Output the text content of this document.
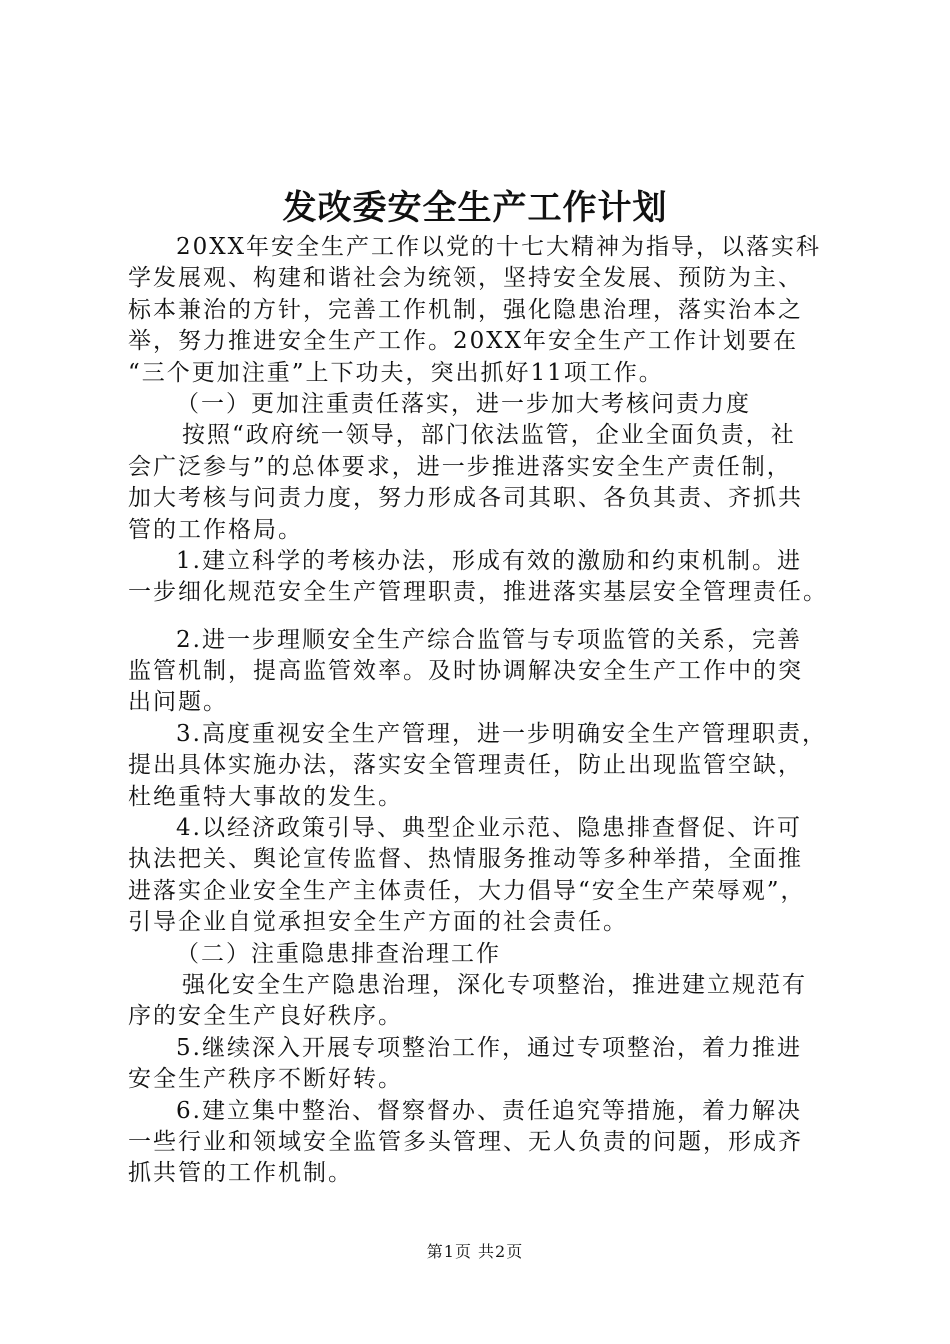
发改委安全生产工作计划
20XX年安全生产工作以党的十七大精神为指导，以落实科
学发展观、构建和谐社会为统领，坚持安全发展、预防为主、
标本兼治的方针，完善工作机制，强化隐患治理，落实治本之
举，努力推进安全生产工作。20XX年安全生产工作计划要在
“三个更加注重”上下功夫，突出抓好11项工作。
（一）更加注重责任落实，进一步加大考核问责力度
按照“政府统一领导，部门依法监管，企业全面负责，社
会广泛参与”的总体要求，进一步推进落实安全生产责任制，
加大考核与问责力度，努力形成各司其职、各负其责、齐抓共
管的工作格局。
1.建立科学的考核办法，形成有效的激励和约束机制。进
一步细化规范安全生产管理职责，推进落实基层安全管理责任。
2.进一步理顺安全生产综合监管与专项监管的关系，完善
监管机制，提高监管效率。及时协调解决安全生产工作中的突
出问题。
3.高度重视安全生产管理，进一步明确安全生产管理职责，
提出具体实施办法，落实安全管理责任，防止出现监管空缺，
杜绝重特大事故的发生。
4.以经济政策引导、典型企业示范、隐患排查督促、许可
执法把关、舆论宣传监督、热情服务推动等多种举措，全面推
进落实企业安全生产主体责任，大力倡导“安全生产荣辱观”，
引导企业自觉承担安全生产方面的社会责任。
（二）注重隐患排查治理工作
强化安全生产隐患治理，深化专项整治，推进建立规范有
序的安全生产良好秩序。
5.继续深入开展专项整治工作，通过专项整治，着力推进
安全生产秩序不断好转。
6.建立集中整治、督察督办、责任追究等措施，着力解决
一些行业和领域安全监管多头管理、无人负责的问题，形成齐
抓共管的工作机制。
第1页 共2页
